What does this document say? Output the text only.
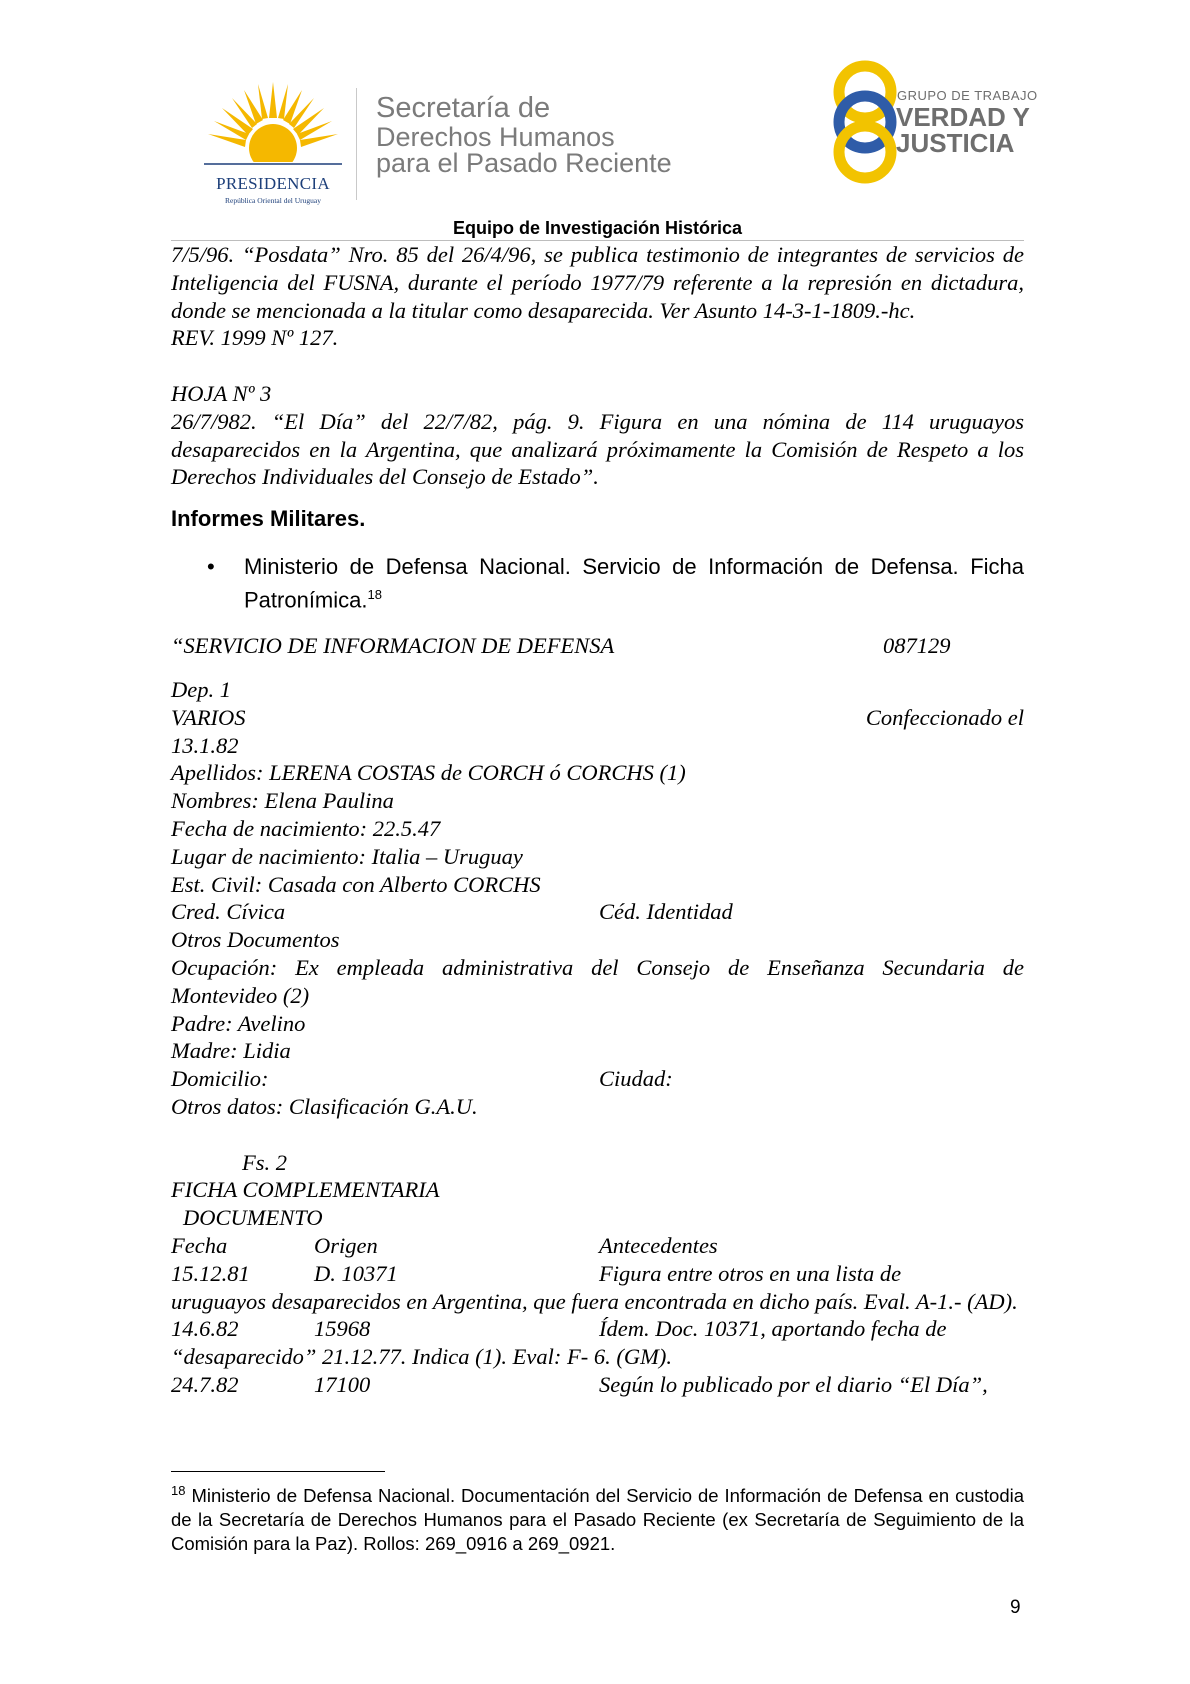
PRESIDENCIA
República Oriental del Uruguay
Secretaría de
Derechos Humanos
para el Pasado Reciente
GRUPO DE TRABAJO
VERDAD Y
JUSTICIA
Equipo de Investigación Histórica

7/5/96. “Posdata” Nro. 85 del 26/4/96, se publica testimonio de integrantes de servicios de Inteligencia del FUSNA, durante el período 1977/79 referente a la represión en dictadura, donde se mencionada a la titular como desaparecida. Ver Asunto 14-3-1-1809.-hc.

REV. 1999 Nº 127.

HOJA Nº 3

26/7/982. “El Día” del 22/7/82, pág. 9. Figura en una nómina de 114 uruguayos desaparecidos en la Argentina, que analizará próximamente la Comisión de Respeto a los Derechos Individuales del Consejo de Estado”.

Informes Militares.

• Ministerio de Defensa Nacional. Servicio de Información de Defensa. Ficha Patronímica.$^{18}$

“SERVICIO DE INFORMACION DE DEFENSA	087129

Dep. 1

VARIOS	Confeccionado el

13.1.82

Apellidos: LERENA COSTAS de CORCH ó CORCHS (1)

Nombres: Elena Paulina

Fecha de nacimiento: 22.5.47

Lugar de nacimiento: Italia – Uruguay

Est. Civil: Casada con Alberto CORCHS

Cred. Cívica	Céd. Identidad

Otros Documentos

Ocupación: Ex empleada administrativa del Consejo de Enseñanza Secundaria de Montevideo (2)

Padre: Avelino

Madre: Lidia

Domicilio:	Ciudad:

Otros datos: Clasificación G.A.U.

Fs. 2

FICHA COMPLEMENTARIA

DOCUMENTO

Fecha	Origen	Antecedentes
15.12.81	D. 10371	Figura entre otros en una lista de

uruguayos desaparecidos en Argentina, que fuera encontrada en dicho país. Eval. A-1.- (AD).

14.6.82	15968	Ídem. Doc. 10371, aportando fecha de

“desaparecido” 21.12.77. Indica (1). Eval: F- 6. (GM).

24.7.82	17100	Según lo publicado por el diario “El Día”,
$^{18}$ Ministerio de Defensa Nacional. Documentación del Servicio de Información de Defensa en custodia de la Secretaría de Derechos Humanos para el Pasado Reciente (ex Secretaría de Seguimiento de la Comisión para la Paz). Rollos: 269_0916 a 269_0921.
9
